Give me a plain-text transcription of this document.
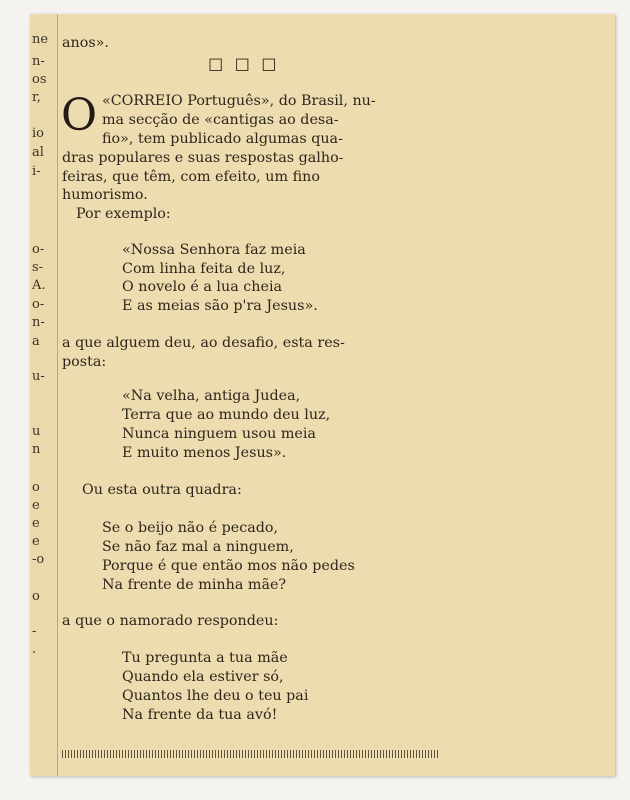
ne
n-
os
r,
io
al
i-
o-
s-
A.
o-
n-
a
u-
u
n
o
e
e
e
-o
o
-
.
anos».
☐ ☐ ☐
O «CORREIO Português», do Brasil, nu-
ma secção de «cantigas ao desa-
fio», tem publicado algumas qua-
dras populares e suas respostas galho-
feiras, que têm, com efeito, um fino
humorismo.
Por exemplo:
«Nossa Senhora faz meia
Com linha feita de luz,
O novelo é a lua cheia
E as meias são p'ra Jesus».
a que alguem deu, ao desafio, esta res-
posta:
«Na velha, antiga Judea,
Terra que ao mundo deu luz,
Nunca ninguem usou meia
E muito menos Jesus».
Ou esta outra quadra:
Se o beijo não é pecado,
Se não faz mal a ninguem,
Porque é que então mos não pedes
Na frente de minha mãe?
a que o namorado respondeu:
Tu pregunta a tua mãe
Quando ela estiver só,
Quantos lhe deu o teu pai
Na frente da tua avó!
